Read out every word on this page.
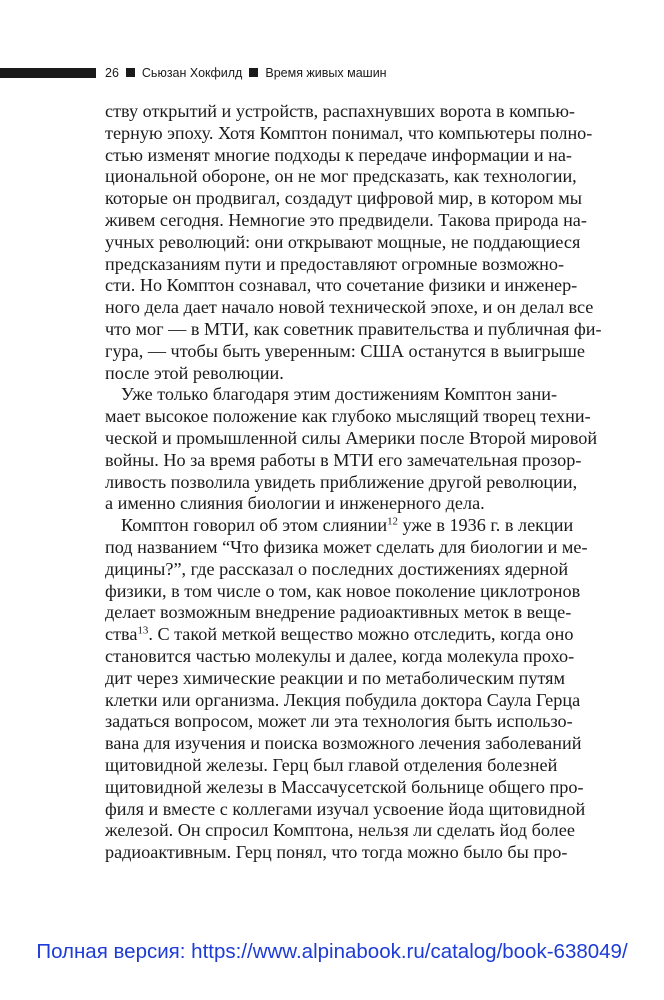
26 Сьюзан Хокфилд Время живых машин
ству открытий и устройств, распахнувших ворота в компью-
терную эпоху. Хотя Комптон понимал, что компьютеры полно-
стью изменят многие подходы к передаче информации и на-
циональной обороне, он не мог предсказать, как технологии,
которые он продвигал, создадут цифровой мир, в котором мы
живем сегодня. Немногие это предвидели. Такова природа на-
учных революций: они открывают мощные, не поддающиеся
предсказаниям пути и предоставляют огромные возможно-
сти. Но Комптон сознавал, что сочетание физики и инженер-
ного дела дает начало новой технической эпохе, и он делал все
что мог — в МТИ, как советник правительства и публичная фи-
гура, — чтобы быть уверенным: США останутся в выигрыше
после этой революции.
Уже только благодаря этим достижениям Комптон зани-
мает высокое положение как глубоко мыслящий творец техни-
ческой и промышленной силы Америки после Второй мировой
войны. Но за время работы в МТИ его замечательная прозор-
ливость позволила увидеть приближение другой революции,
а именно слияния биологии и инженерного дела.
Комптон говорил об этом слиянии$^{12}$ уже в 1936 г. в лекции
под названием “Что физика может сделать для биологии и ме-
дицины?”, где рассказал о последних достижениях ядерной
физики, в том числе о том, как новое поколение циклотронов
делает возможным внедрение радиоактивных меток в веще-
ства$^{13}$. С такой меткой вещество можно отследить, когда оно
становится частью молекулы и далее, когда молекула прохо-
дит через химические реакции и по метаболическим путям
клетки или организма. Лекция побудила доктора Саула Герца
задаться вопросом, может ли эта технология быть использо-
вана для изучения и поиска возможного лечения заболеваний
щитовидной железы. Герц был главой отделения болезней
щитовидной железы в Массачусетской больнице общего про-
филя и вместе с коллегами изучал усвоение йода щитовидной
железой. Он спросил Комптона, нельзя ли сделать йод более
радиоактивным. Герц понял, что тогда можно было бы про-
Полная версия: https://www.alpinabook.ru/catalog/book-638049/
